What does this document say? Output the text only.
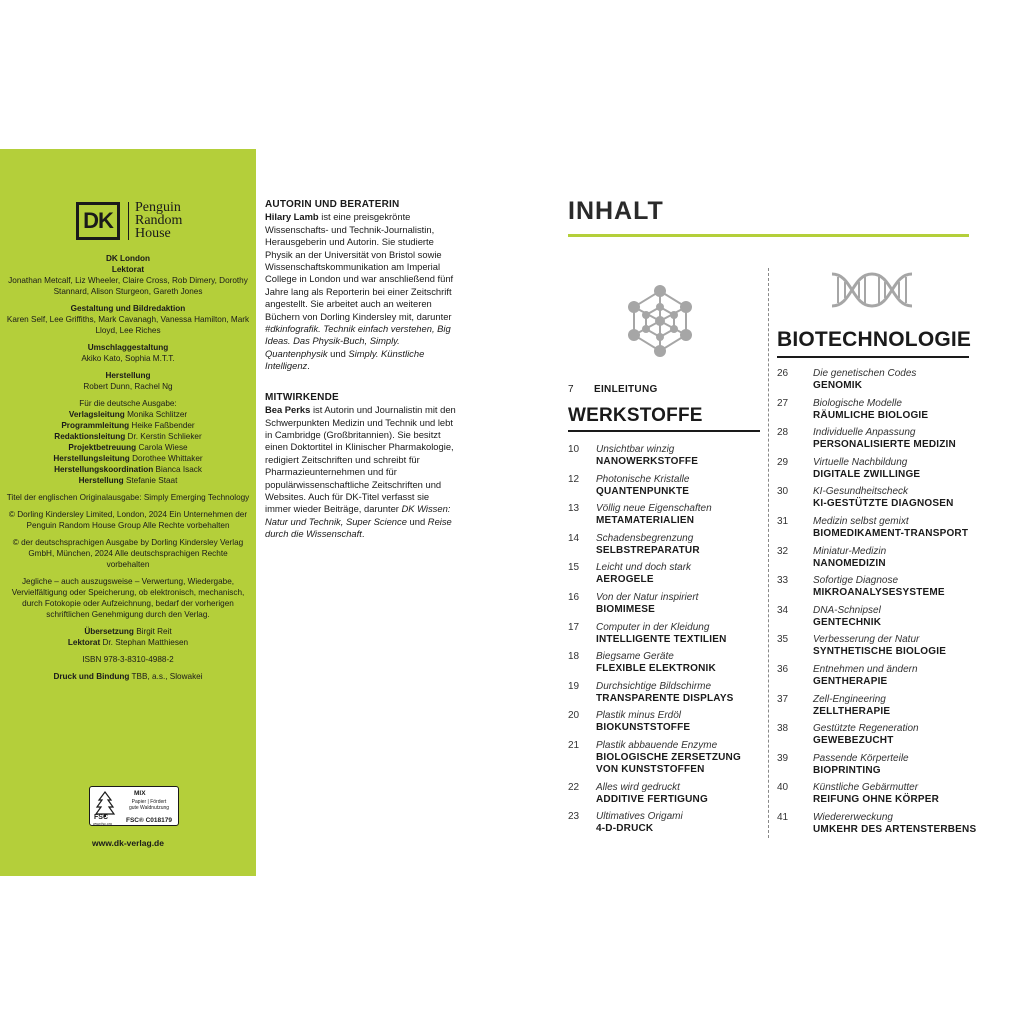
DK
Penguin
Random
House

DK London
Lektorat
Jonathan Metcalf, Liz Wheeler, Claire Cross, Rob Dimery, Dorothy Stannard, Alison Sturgeon, Gareth Jones

Gestaltung und Bildredaktion
Karen Self, Lee Griffiths, Mark Cavanagh, Vanessa Hamilton, Mark Lloyd, Lee Riches

Umschlaggestaltung
Akiko Kato, Sophia M.T.T.

Herstellung
Robert Dunn, Rachel Ng

Für die deutsche Ausgabe:
Verlagsleitung Monika Schlitzer
Programmleitung Heike Faßbender
Redaktionsleitung Dr. Kerstin Schlieker
Projektbetreuung Carola Wiese
Herstellungsleitung Dorothee Whittaker
Herstellungskoordination Bianca Isack
Herstellung Stefanie Staat

Titel der englischen Originalausgabe: Simply Emerging Technology

© Dorling Kindersley Limited, London, 2024 Ein Unternehmen der Penguin Random House Group Alle Rechte vorbehalten

© der deutschsprachigen Ausgabe by Dorling Kindersley Verlag GmbH, München, 2024 Alle deutschsprachigen Rechte vorbehalten

Jegliche – auch auszugsweise – Verwertung, Wiedergabe, Vervielfältigung oder Speicherung, ob elektronisch, mechanisch, durch Fotokopie oder Aufzeichnung, bedarf der vorherigen schriftlichen Genehmigung durch den Verlag.

Übersetzung Birgit Reit
Lektorat Dr. Stephan Matthiesen

ISBN 978-3-8310-4988-2

Druck und Bindung TBB, a.s., Slowakei

FSC
www.fsc.org
MIX
Papier | Fördert
gute Waldnutzung
FSC® C018179
www.dk-verlag.de
AUTORIN UND BERATERIN

Hilary Lamb ist eine preisgekrönte Wissenschafts- und Technik-Journalistin, Herausgeberin und Autorin. Sie studierte Physik an der Universität von Bristol sowie Wissenschaftskommunikation am Imperial College in London und war anschließend fünf Jahre lang als Reporterin bei einer Zeitschrift angestellt. Sie arbeitet auch an weiteren Büchern von Dorling Kindersley mit, darunter #dkinfografik. Technik einfach verstehen, Big Ideas. Das Physik-Buch, Simply. Quantenphysik und Simply. Künstliche Intelligenz.

MITWIRKENDE

Bea Perks ist Autorin und Journalistin mit den Schwerpunkten Medizin und Technik und lebt in Cambridge (Großbritannien). Sie besitzt einen Doktortitel in Klinischer Pharmakologie, redigiert Zeitschriften und schreibt für Pharmazieunternehmen und für populärwissenschaftliche Zeitschriften und Websites. Auch für DK-Titel verfasst sie immer wieder Beiträge, darunter DK Wissen: Natur und Technik, Super Science und Reise durch die Wissenschaft.

INHALT
7 EINLEITUNG
WERKSTOFFE
BIOTECHNOLOGIE
10 Unsichtbar winzig
NANOWERKSTOFFE
12 Photonische Kristalle
QUANTENPUNKTE
13 Völlig neue Eigenschaften
METAMATERIALIEN
14 Schadensbegrenzung
SELBSTREPARATUR
15 Leicht und doch stark
AEROGELE
16 Von der Natur inspiriert
BIOMIMESE
17 Computer in der Kleidung
INTELLIGENTE TEXTILIEN
18 Biegsame Geräte
FLEXIBLE ELEKTRONIK
19 Durchsichtige Bildschirme
TRANSPARENTE DISPLAYS
20 Plastik minus Erdöl
BIOKUNSTSTOFFE
21 Plastik abbauende Enzyme
BIOLOGISCHE ZERSETZUNG
VON KUNSTSTOFFEN
22 Alles wird gedruckt
ADDITIVE FERTIGUNG
23 Ultimatives Origami
4-D-DRUCK
26 Die genetischen Codes
GENOMIK
27 Biologische Modelle
RÄUMLICHE BIOLOGIE
28 Individuelle Anpassung
PERSONALISIERTE MEDIZIN
29 Virtuelle Nachbildung
DIGITALE ZWILLINGE
30 KI-Gesundheitscheck
KI-GESTÜTZTE DIAGNOSEN
31 Medizin selbst gemixt
BIOMEDIKAMENT-TRANSPORT
32 Miniatur-Medizin
NANOMEDIZIN
33 Sofortige Diagnose
MIKROANALYSESYSTEME
34 DNA-Schnipsel
GENTECHNIK
35 Verbesserung der Natur
SYNTHETISCHE BIOLOGIE
36 Entnehmen und ändern
GENTHERAPIE
37 Zell-Engineering
ZELLTHERAPIE
38 Gestützte Regeneration
GEWEBEZUCHT
39 Passende Körperteile
BIOPRINTING
40 Künstliche Gebärmutter
REIFUNG OHNE KÖRPER
41 Wiedererweckung
UMKEHR DES ARTENSTERBENS
